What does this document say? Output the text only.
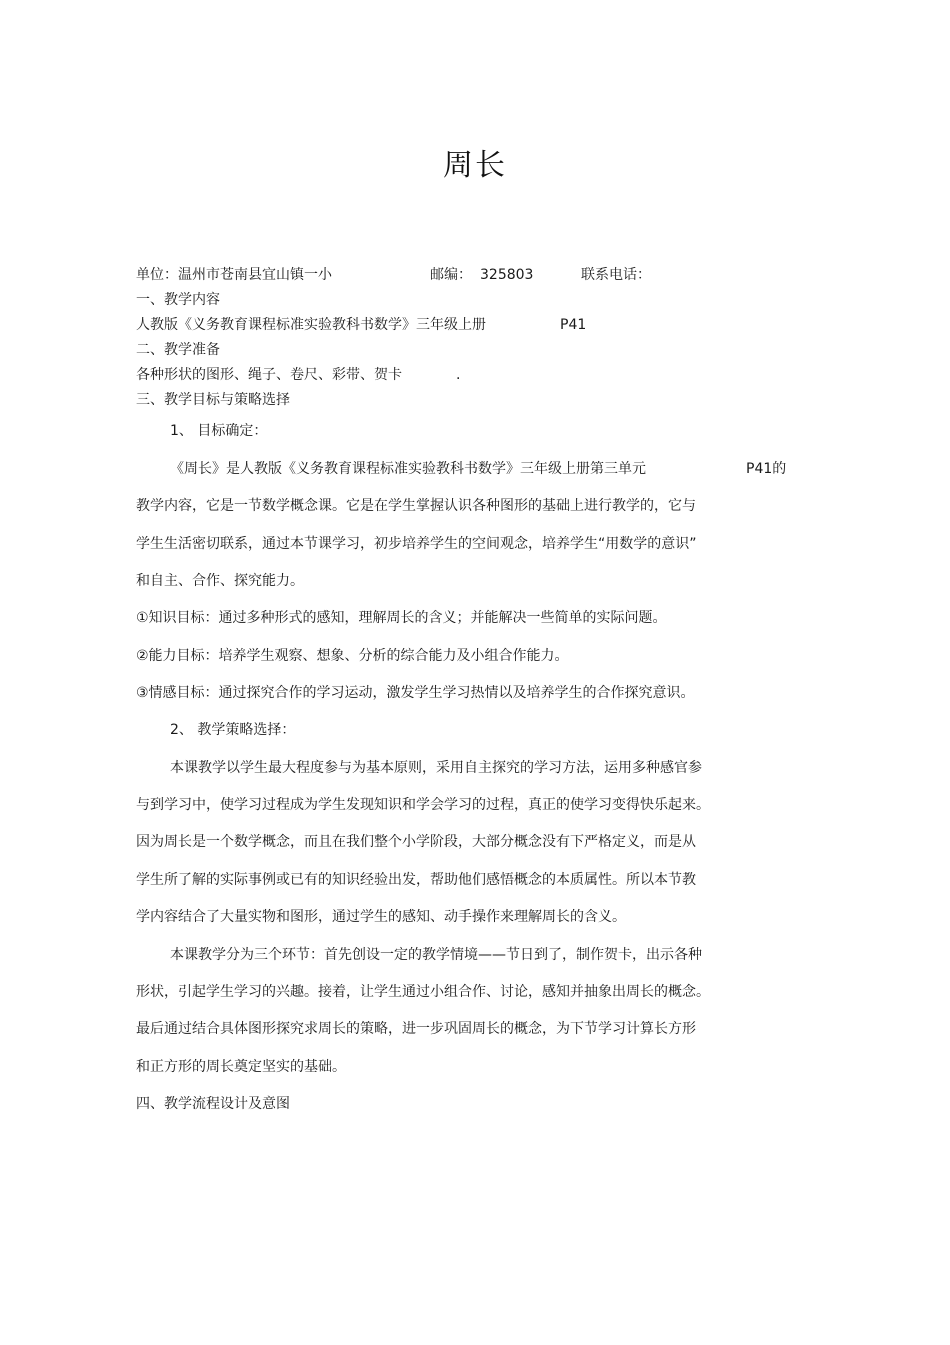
周长
单位：温州市苍南县宜山镇一小	邮编： 325803	联系电话：
一、教学内容
人教版《义务教育课程标准实验教科书数学》三年级上册	P41
二、教学准备
各种形状的图形、绳子、卷尺、彩带、贺卡	.
三、教学目标与策略选择
1、 目标确定：
《周长》是人教版《义务教育课程标准实验教科书数学》三年级上册第三单元	P41的
教学内容，它是一节数学概念课。它是在学生掌握认识各种图形的基础上进行教学的，它与
学生生活密切联系，通过本节课学习，初步培养学生的空间观念，培养学生“用数学的意识”
和自主、合作、探究能力。
①知识目标：通过多种形式的感知，理解周长的含义；并能解决一些简单的实际问题。
②能力目标：培养学生观察、想象、分析的综合能力及小组合作能力。
③情感目标：通过探究合作的学习运动，激发学生学习热情以及培养学生的合作探究意识。
2、 教学策略选择：
本课教学以学生最大程度参与为基本原则，采用自主探究的学习方法，运用多种感官参
与到学习中，使学习过程成为学生发现知识和学会学习的过程，真正的使学习变得快乐起来。
因为周长是一个数学概念，而且在我们整个小学阶段，大部分概念没有下严格定义，而是从
学生所了解的实际事例或已有的知识经验出发，帮助他们感悟概念的本质属性。所以本节教
学内容结合了大量实物和图形，通过学生的感知、动手操作来理解周长的含义。
本课教学分为三个环节：首先创设一定的教学情境——节日到了，制作贺卡，出示各种
形状，引起学生学习的兴趣。接着，让学生通过小组合作、讨论，感知并抽象出周长的概念。
最后通过结合具体图形探究求周长的策略，进一步巩固周长的概念，为下节学习计算长方形
和正方形的周长奠定坚实的基础。
四、教学流程设计及意图
